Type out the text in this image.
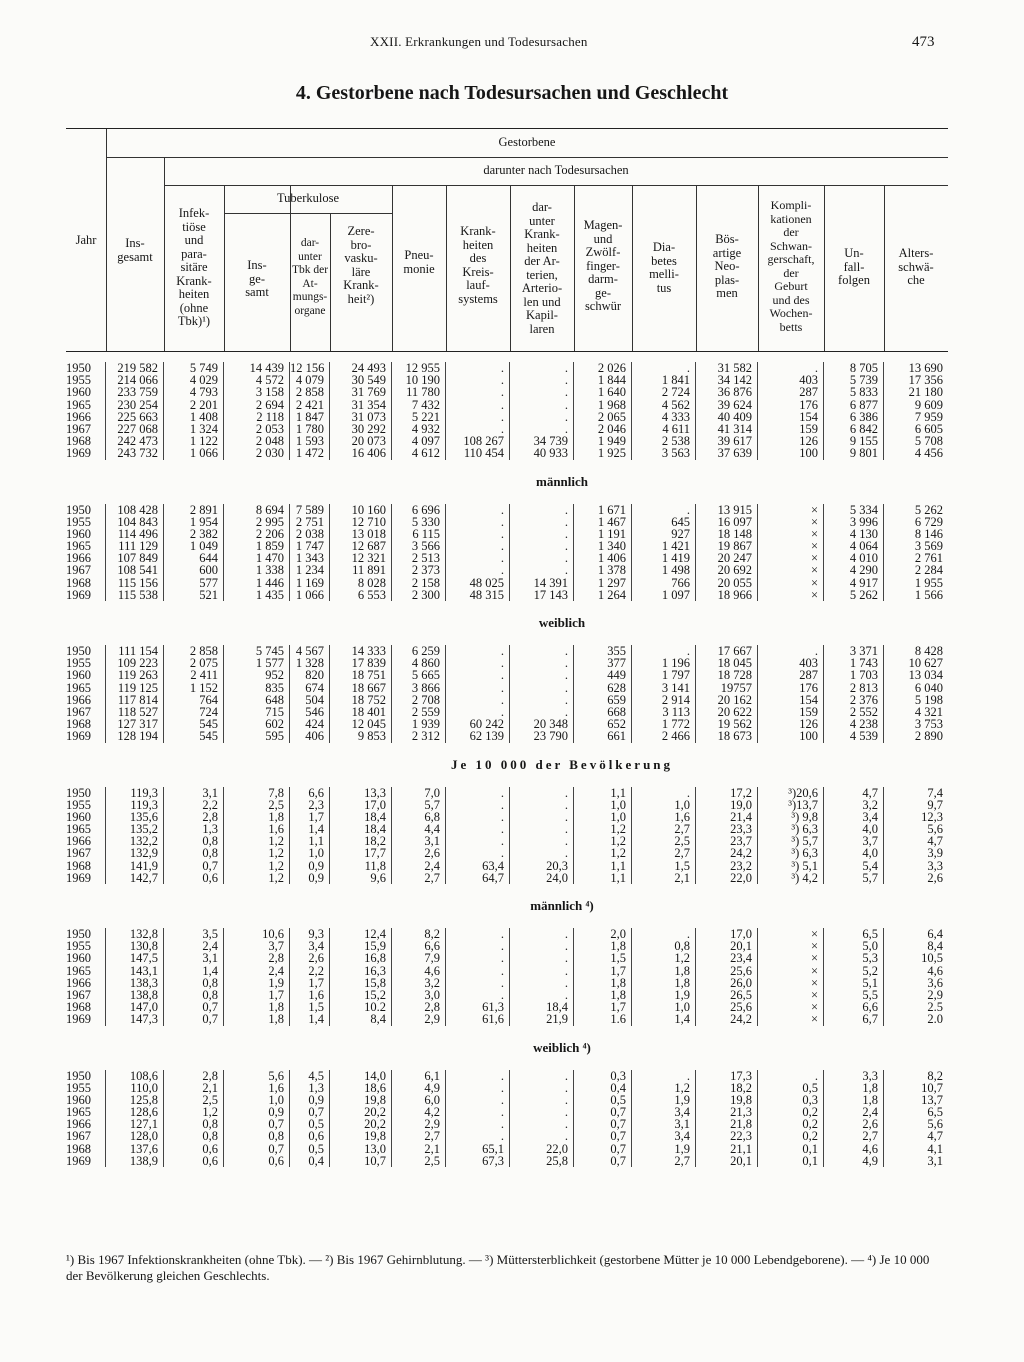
XXII. Erkrankungen und Todesursachen	473
4. Gestorbene nach Todesursachen und Geschlecht
Gestorbene
darunter nach Todesursachen
Tuberkulose
Jahr	Ins-
gesamt
Infek-
tiöse
und
para-
sitäre
Krank-
heiten
(ohne
Tbk)¹)
Ins-
ge-
samt
dar-
unter
Tbk der
At-
mungs-
organe
Zere-
bro-
vasku-
läre
Krank-
heit²)
Pneu-
monie
Krank-
heiten
des
Kreis-
lauf-
systems
dar-
unter
Krank-
heiten
der Ar-
terien,
Arterio-
len und
Kapil-
laren
Magen-
und
Zwölf-
finger-
darm-
ge-
schwür
Dia-
betes
melli-
tus
Bös-
artige
Neo-
plas-
men
Kompli-
kationen
der
Schwan-
gerschaft,
der
Geburt
und des
Wochen-
betts
Un-
fall-
folgen
Alters-
schwä-
che
1950
1955
1960
1965
1966
1967
1968
1969
219 582
214 066
233 759
230 254
225 663
227 068
242 473
243 732
5 749
4 029
4 793
2 201
1 408
1 324
1 122
1 066
14 439
4 572
3 158
2 694
2 118
2 053
2 048
2 030
12 156
4 079
2 858
2 421
1 847
1 780
1 593
1 472
24 493
30 549
31 769
31 354
31 073
30 292
20 073
16 406
12 955
10 190
11 780
7 432
5 221
4 932
4 097
4 612
.
.
.
.
.
.
108 267
110 454
.
.
.
.
.
.
34 739
40 933
2 026
1 844
1 640
1 968
2 065
2 046
1 949
1 925
.
1 841
2 724
4 562
4 333
4 611
2 538
3 563
31 582
34 142
36 876
39 624
40 409
41 314
39 617
37 639
.
403
287
176
154
159
126
100
8 705
5 739
5 833
6 877
6 386
6 842
9 155
9 801
13 690
17 356
21 180
9 609
7 959
6 605
5 708
4 456
männlich
1950
1955
1960
1965
1966
1967
1968
1969
108 428
104 843
114 496
111 129
107 849
108 541
115 156
115 538
2 891
1 954
2 382
1 049
644
600
577
521
8 694
2 995
2 206
1 859
1 470
1 338
1 446
1 435
7 589
2 751
2 038
1 747
1 343
1 234
1 169
1 066
10 160
12 710
13 018
12 687
12 321
11 891
8 028
6 553
6 696
5 330
6 115
3 566
2 513
2 373
2 158
2 300
.
.
.
.
.
.
48 025
48 315
.
.
.
.
.
.
14 391
17 143
1 671
1 467
1 191
1 340
1 406
1 378
1 297
1 264
.
645
927
1 421
1 419
1 498
766
1 097
13 915
16 097
18 148
19 867
20 247
20 692
20 055
18 966
×
×
×
×
×
×
×
×
5 334
3 996
4 130
4 064
4 010
4 290
4 917
5 262
5 262
6 729
8 146
3 569
2 761
2 284
1 955
1 566
weiblich
1950
1955
1960
1965
1966
1967
1968
1969
111 154
109 223
119 263
119 125
117 814
118 527
127 317
128 194
2 858
2 075
2 411
1 152
764
724
545
545
5 745
1 577
952
835
648
715
602
595
4 567
1 328
820
674
504
546
424
406
14 333
17 839
18 751
18 667
18 752
18 401
12 045
9 853
6 259
4 860
5 665
3 866
2 708
2 559
1 939
2 312
.
.
.
.
.
.
60 242
62 139
.
.
.
.
.
.
20 348
23 790
355
377
449
628
659
668
652
661
.
1 196
1 797
3 141
2 914
3 113
1 772
2 466
17 667
18 045
18 728
19757
20 162
20 622
19 562
18 673
.
403
287
176
154
159
126
100
3 371
1 743
1 703
2 813
2 376
2 552
4 238
4 539
8 428
10 627
13 034
6 040
5 198
4 321
3 753
2 890
Je 10 000 der Bevölkerung
1950
1955
1960
1965
1966
1967
1968
1969
119,3
119,3
135,6
135,2
132,2
132,9
141,9
142,7
3,1
2,2
2,8
1,3
0,8
0,8
0,7
0,6
7,8
2,5
1,8
1,6
1,2
1,2
1,2
1,2
6,6
2,3
1,7
1,4
1,1
1,0
0,9
0,9
13,3
17,0
18,4
18,4
18,2
17,7
11,8
9,6
7,0
5,7
6,8
4,4
3,1
2,6
2,4
2,7
.
.
.
.
.
.
63,4
64,7
.
.
.
.
.
.
20,3
24,0
1,1
1,0
1,0
1,2
1,2
1,2
1,1
1,1
.
1,0
1,6
2,7
2,5
2,7
1,5
2,1
17,2
19,0
21,4
23,3
23,7
24,2
23,2
22,0
³)20,6
³)13,7
³) 9,8
³) 6,3
³) 5,7
³) 6,3
³) 5,1
³) 4,2
4,7
3,2
3,4
4,0
3,7
4,0
5,4
5,7
7,4
9,7
12,3
5,6
4,7
3,9
3,3
2,6
männlich ⁴)
1950
1955
1960
1965
1966
1967
1968
1969
132,8
130,8
147,5
143,1
138,3
138,8
147,0
147,3
3,5
2,4
3,1
1,4
0,8
0,8
0,7
0,7
10,6
3,7
2,8
2,4
1,9
1,7
1,8
1,8
9,3
3,4
2,6
2,2
1,7
1,6
1,5
1,4
12,4
15,9
16,8
16,3
15,8
15,2
10.2
8,4
8,2
6,6
7,9
4,6
3,2
3,0
2,8
2,9
.
.
.
.
.
.
61,3
61,6
.
.
.
.
.
.
18,4
21,9
2,0
1,8
1,5
1,7
1,8
1,8
1,7
1.6
.
0,8
1,2
1,8
1,8
1,9
1,0
1,4
17,0
20,1
23,4
25,6
26,0
26,5
25,6
24,2
×
×
×
×
×
×
×
×
6,5
5,0
5,3
5,2
5,1
5,5
6,6
6,7
6,4
8,4
10,5
4,6
3,6
2,9
2.5
2.0
weiblich ⁴)
1950
1955
1960
1965
1966
1967
1968
1969
108,6
110,0
125,8
128,6
127,1
128,0
137,6
138,9
2,8
2,1
2,5
1,2
0,8
0,8
0,6
0,6
5,6
1,6
1,0
0,9
0,7
0,8
0,7
0,6
4,5
1,3
0,9
0,7
0,5
0,6
0,5
0,4
14,0
18,6
19,8
20,2
20,2
19,8
13,0
10,7
6,1
4,9
6,0
4,2
2,9
2,7
2,1
2,5
.
.
.
.
.
.
65,1
67,3
.
.
.
.
.
.
22,0
25,8
0,3
0,4
0,5
0,7
0,7
0,7
0,7
0,7
.
1,2
1,9
3,4
3,1
3,4
1,9
2,7
17,3
18,2
19,8
21,3
21,8
22,3
21,1
20,1
.
0,5
0,3
0,2
0,2
0,2
0,1
0,1
3,3
1,8
1,8
2,4
2,6
2,7
4,6
4,9
8,2
10,7
13,7
6,5
5,6
4,7
4,1
3,1
¹) Bis 1967 Infektionskrankheiten (ohne Tbk). — ²) Bis 1967 Gehirnblutung. — ³) Müttersterblichkeit (gestorbene Mütter je 10 000 Lebendgeborene). — ⁴) Je 10 000 der Bevölkerung gleichen Geschlechts.
